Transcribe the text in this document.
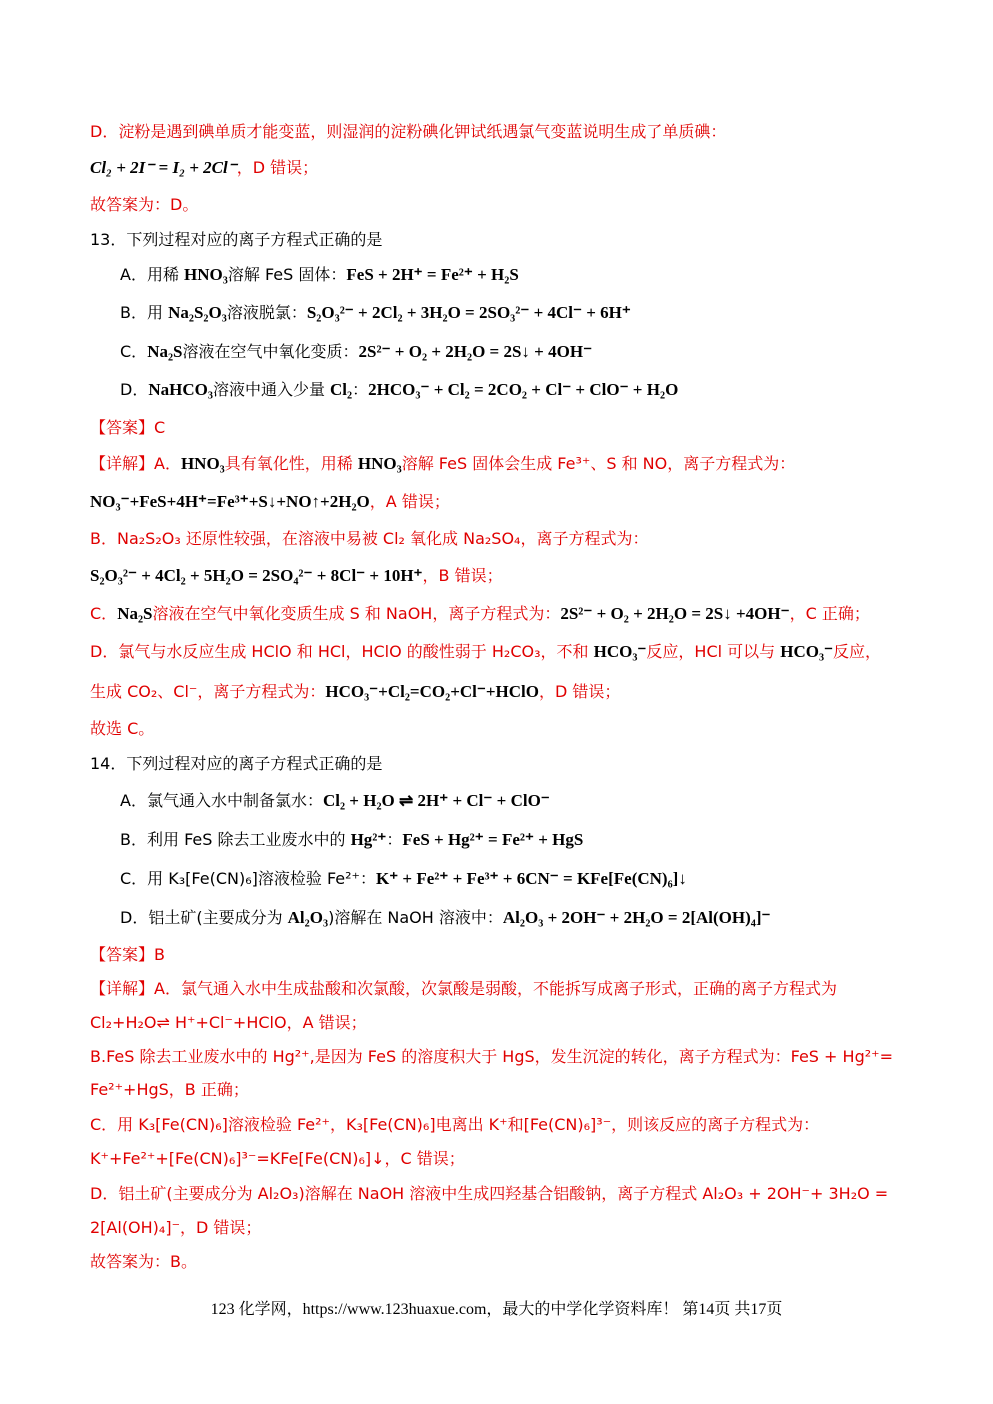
D．淀粉是遇到碘单质才能变蓝，则湿润的淀粉碘化钾试纸遇氯气变蓝说明生成了单质碘：
Cl₂ + 2I⁻ = I₂ + 2Cl⁻，D 错误；
故答案为：D。
13．下列过程对应的离子方程式正确的是
A．用稀 HNO₃溶解 FeS 固体：FeS + 2H⁺ = Fe²⁺ + H₂S
B．用 Na₂S₂O₃溶液脱氯：S₂O₃²⁻ + 2Cl₂ + 3H₂O = 2SO₃²⁻ + 4Cl⁻ + 6H⁺
C．Na₂S溶液在空气中氧化变质：2S²⁻ + O₂ + 2H₂O = 2S↓ + 4OH⁻
D．NaHCO₃溶液中通入少量 Cl₂：2HCO₃⁻ + Cl₂ = 2CO₂ + Cl⁻ + ClO⁻ + H₂O
【答案】C
【详解】A．HNO₃具有氧化性，用稀 HNO₃溶解 FeS 固体会生成 Fe³⁺、S 和 NO，离子方程式为：
NO₃⁻+FeS+4H⁺=Fe³⁺+S↓+NO↑+2H₂O，A 错误；
B．Na₂S₂O₃ 还原性较强，在溶液中易被 Cl₂ 氧化成 Na₂SO₄，离子方程式为：
S₂O₃²⁻ + 4Cl₂ + 5H₂O = 2SO₄²⁻ + 8Cl⁻ + 10H⁺，B 错误；
C．Na₂S溶液在空气中氧化变质生成 S 和 NaOH，离子方程式为：2S²⁻ + O₂ + 2H₂O = 2S↓ +4OH⁻，C 正确；
D．氯气与水反应生成 HClO 和 HCl，HClO 的酸性弱于 H₂CO₃，不和 HCO₃⁻反应，HCl 可以与 HCO₃⁻反应，
生成 CO₂、Cl⁻，离子方程式为：HCO₃⁻+Cl₂=CO₂+Cl⁻+HClO，D 错误；
故选 C。
14．下列过程对应的离子方程式正确的是
A．氯气通入水中制备氯水：Cl₂ + H₂O ⇌ 2H⁺ + Cl⁻ + ClO⁻
B．利用 FeS 除去工业废水中的 Hg²⁺：FeS + Hg²⁺ = Fe²⁺ + HgS
C．用 K₃[Fe(CN)₆]溶液检验 Fe²⁺：K⁺ + Fe²⁺ + Fe³⁺ + 6CN⁻ = KFe[Fe(CN)₆]↓
D．铝土矿(主要成分为 Al₂O₃)溶解在 NaOH 溶液中：Al₂O₃ + 2OH⁻ + 2H₂O = 2[Al(OH)₄]⁻
【答案】B
【详解】A．氯气通入水中生成盐酸和次氯酸，次氯酸是弱酸，不能拆写成离子形式，正确的离子方程式为
Cl₂+H₂O⇌ H⁺+Cl⁻+HClO，A 错误；
B.FeS 除去工业废水中的 Hg²⁺,是因为 FeS 的溶度积大于 HgS，发生沉淀的转化，离子方程式为：FeS + Hg²⁺=
Fe²⁺+HgS，B 正确；
C．用 K₃[Fe(CN)₆]溶液检验 Fe²⁺，K₃[Fe(CN)₆]电离出 K⁺和[Fe(CN)₆]³⁻，则该反应的离子方程式为：
K⁺+Fe²⁺+[Fe(CN)₆]³⁻=KFe[Fe(CN)₆]↓，C 错误；
D．铝土矿(主要成分为 Al₂O₃)溶解在 NaOH 溶液中生成四羟基合铝酸钠，离子方程式 Al₂O₃ + 2OH⁻+ 3H₂O =
2[Al(OH)₄]⁻，D 错误；
故答案为：B。
123 化学网，https://www.123huaxue.com，最大的中学化学资料库！ 第14页 共17页
